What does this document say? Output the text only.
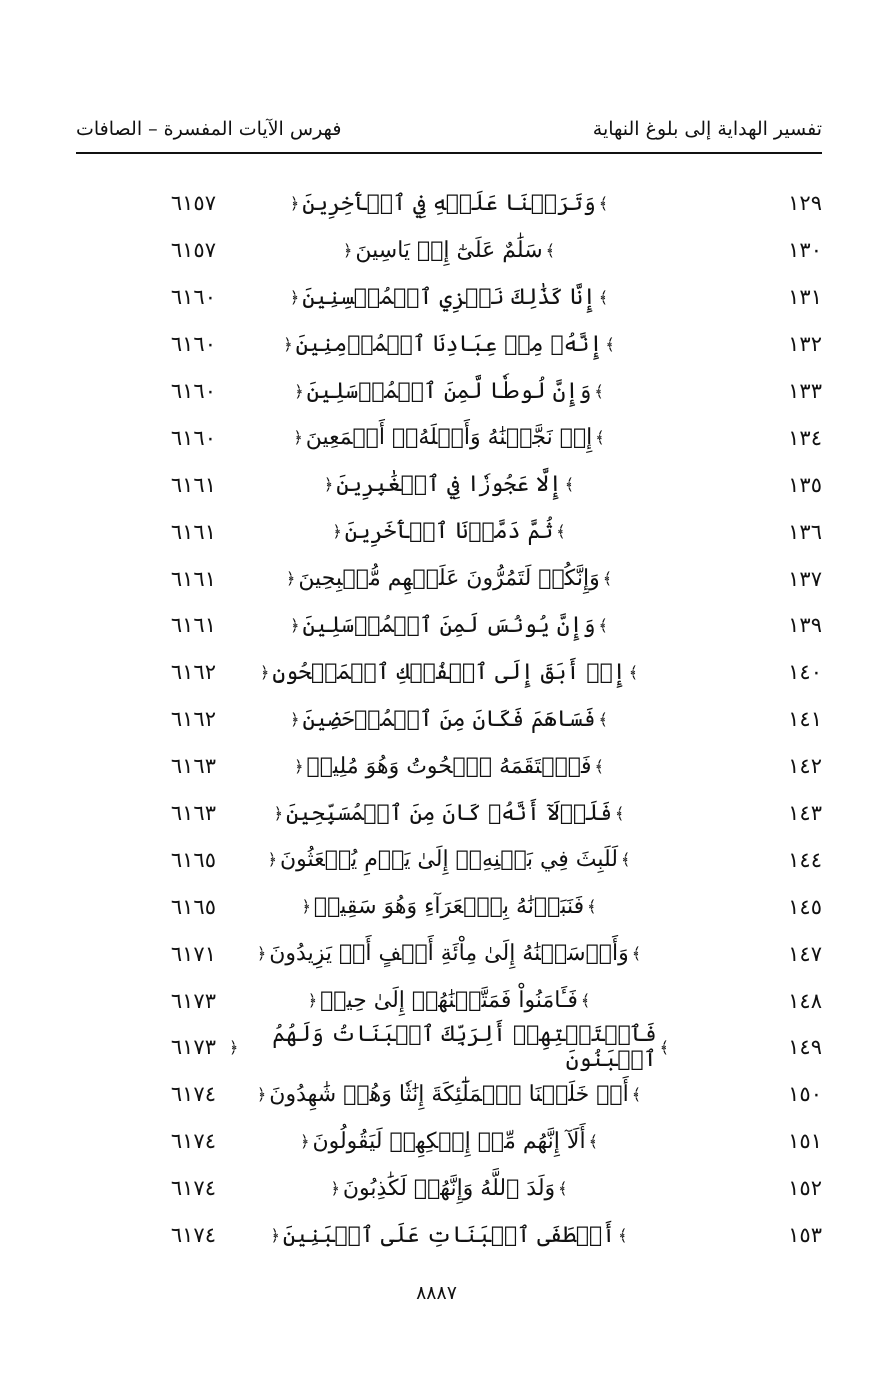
فهرس الآيات المفسرة – الصافات	تفسير الهداية إلى بلوغ النهاية
١٢٩
﴾
وَتَرَكۡنَا عَلَيۡهِ فِي ٱلۡأٓخِرِينَ
﴿
٦١٥٧
١٣٠
﴾
سَلَٰمٌ عَلَىٰٓ إِلۡ يَاسِينَ
﴿
٦١٥٧
١٣١
﴾
إِنَّا كَذَٰلِكَ نَجۡزِي ٱلۡمُحۡسِنِينَ
﴿
٦١٦٠
١٣٢
﴾
إِنَّهُۥ مِنۡ عِبَادِنَا ٱلۡمُؤۡمِنِينَ
﴿
٦١٦٠
١٣٣
﴾
وَإِنَّ لُوطٗا لَّمِنَ ٱلۡمُرۡسَلِينَ
﴿
٦١٦٠
١٣٤
﴾
إِذۡ نَجَّيۡنَٰهُ وَأَهۡلَهُۥٓ أَجۡمَعِينَ
﴿
٦١٦٠
١٣٥
﴾
إِلَّا عَجُوزٗا فِي ٱلۡغَٰبِرِينَ
﴿
٦١٦١
١٣٦
﴾
ثُمَّ دَمَّرۡنَا ٱلۡأٓخَرِينَ
﴿
٦١٦١
١٣٧
﴾
وَإِنَّكُمۡ لَتَمُرُّونَ عَلَيۡهِم مُّصۡبِحِينَ
﴿
٦١٦١
١٣٩
﴾
وَإِنَّ يُونُسَ لَمِنَ ٱلۡمُرۡسَلِينَ
﴿
٦١٦١
١٤٠
﴾
إِذۡ أَبَقَ إِلَى ٱلۡفُلۡكِ ٱلۡمَشۡحُونِ
﴿
٦١٦٢
١٤١
﴾
فَسَاهَمَ فَكَانَ مِنَ ٱلۡمُدۡحَضِينَ
﴿
٦١٦٢
١٤٢
﴾
فَٱلۡتَقَمَهُ ٱلۡحُوتُ وَهُوَ مُلِيمٞ
﴿
٦١٦٣
١٤٣
﴾
فَلَوۡلَآ أَنَّهُۥ كَانَ مِنَ ٱلۡمُسَبِّحِينَ
﴿
٦١٦٣
١٤٤
﴾
لَلَبِثَ فِي بَطۡنِهِۦٓ إِلَىٰ يَوۡمِ يُبۡعَثُونَ
﴿
٦١٦٥
١٤٥
﴾
فَنَبَذۡنَٰهُ بِٱلۡعَرَآءِ وَهُوَ سَقِيمٞ
﴿
٦١٦٥
١٤٧
﴾
وَأَرۡسَلۡنَٰهُ إِلَىٰ مِاْئَةِ أَلۡفٍ أَوۡ يَزِيدُونَ
﴿
٦١٧١
١٤٨
﴾
فَـَٔامَنُواْ فَمَتَّعۡنَٰهُمۡ إِلَىٰ حِينٖ
﴿
٦١٧٣
١٤٩
﴾
فَٱسۡتَفۡتِهِمۡ أَلِرَبِّكَ ٱلۡبَنَاتُ وَلَهُمُ ٱلۡبَنُونَ
﴿
٦١٧٣
١٥٠
﴾
أَمۡ خَلَقۡنَا ٱلۡمَلَٰٓئِكَةَ إِنَٰثٗا وَهُمۡ شَٰهِدُونَ
﴿
٦١٧٤
١٥١
﴾
أَلَآ إِنَّهُم مِّنۡ إِفۡكِهِمۡ لَيَقُولُونَ
﴿
٦١٧٤
١٥٢
﴾
وَلَدَ ٱللَّهُ وَإِنَّهُمۡ لَكَٰذِبُونَ
﴿
٦١٧٤
١٥٣
﴾
أَصۡطَفَى ٱلۡبَنَاتِ عَلَى ٱلۡبَنِينَ
﴿
٦١٧٤
٨٨٨٧
